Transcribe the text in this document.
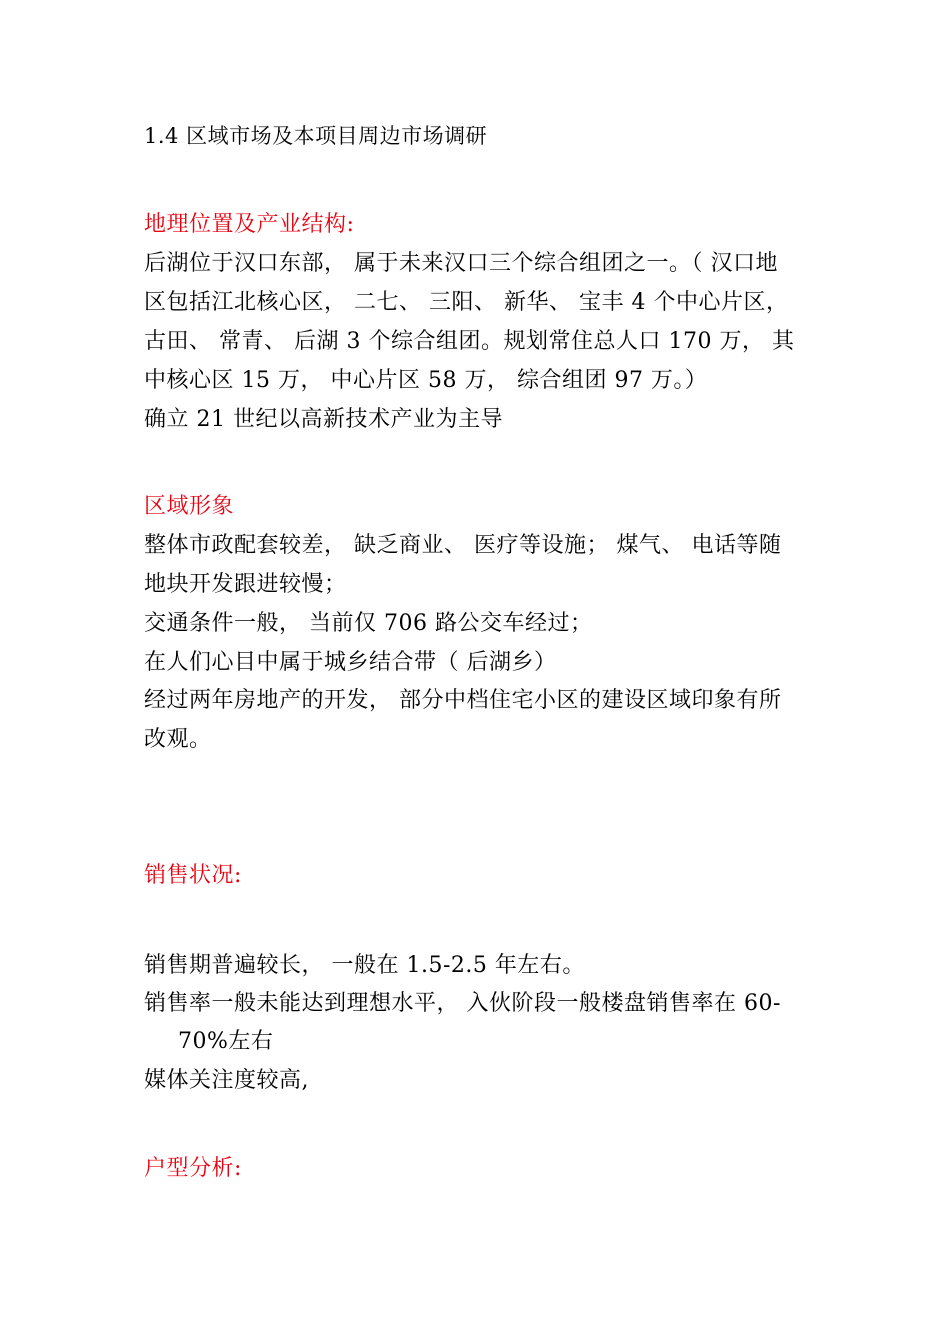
1.4 区域市场及本项目周边市场调研
地理位置及产业结构:
后湖位于汉口东部， 属于未来汉口三个综合组团之一。（ 汉口地
区包括江北核心区， 二七、 三阳、 新华、 宝丰 4 个中心片区，
古田、 常青、 后湖 3 个综合组团。规划常住总人口 170 万， 其
中核心区 15 万， 中心片区 58 万， 综合组团 97 万。）
确立 21 世纪以高新技术产业为主导
区域形象
整体市政配套较差， 缺乏商业、 医疗等设施； 煤气、 电话等随
地块开发跟进较慢；
交通条件一般， 当前仅 706 路公交车经过；
在人们心目中属于城乡结合带（ 后湖乡）
经过两年房地产的开发， 部分中档住宅小区的建设区域印象有所
改观。
销售状况:
销售期普遍较长， 一般在 1.5-2.5 年左右。
销售率一般未能达到理想水平， 入伙阶段一般楼盘销售率在 60-
70%左右
媒体关注度较高,
户型分析:
